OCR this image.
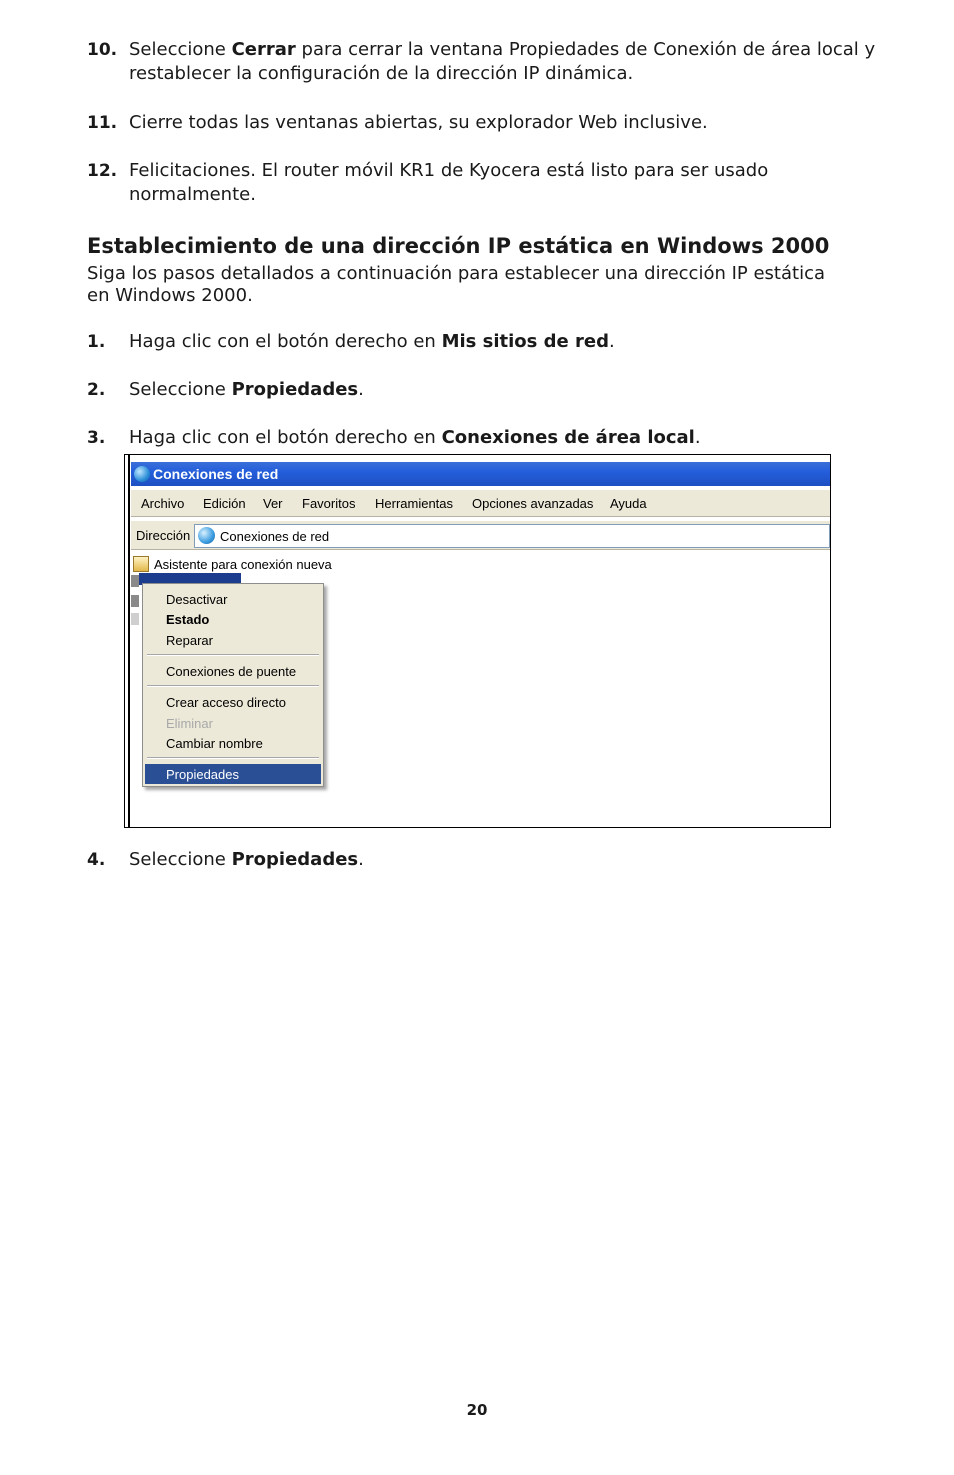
10. Seleccione Cerrar para cerrar la ventana Propiedades de Conexión de área local y restablecer la configuración de la dirección IP dinámica.
11. Cierre todas las ventanas abiertas, su explorador Web inclusive.
12. Felicitaciones. El router móvil KR1 de Kyocera está listo para ser usado normalmente.
Establecimiento de una dirección IP estática en Windows 2000
Siga los pasos detallados a continuación para establecer una dirección IP estática en Windows 2000.
1. Haga clic con el botón derecho en Mis sitios de red.
2. Seleccione Propiedades.
3. Haga clic con el botón derecho en Conexiones de área local.
Conexiones de red
Archivo Edición Ver Favoritos Herramientas Opciones avanzadas Ayuda
Dirección Conexiones de red
Asistente para conexión nueva
Desactivar
Estado
Reparar
Conexiones de puente
Crear acceso directo
Eliminar
Cambiar nombre
Propiedades
4. Seleccione Propiedades.
20
